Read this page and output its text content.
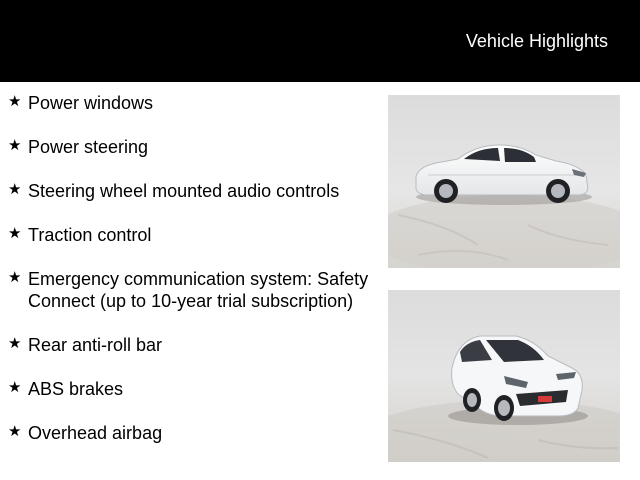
Vehicle Highlights
★ Power windows
★ Power steering
★ Steering wheel mounted audio controls
★ Traction control
★ Emergency communication system: Safety Connect (up to 10-year trial subscription)
★ Rear anti-roll bar
★ ABS brakes
★ Overhead airbag
